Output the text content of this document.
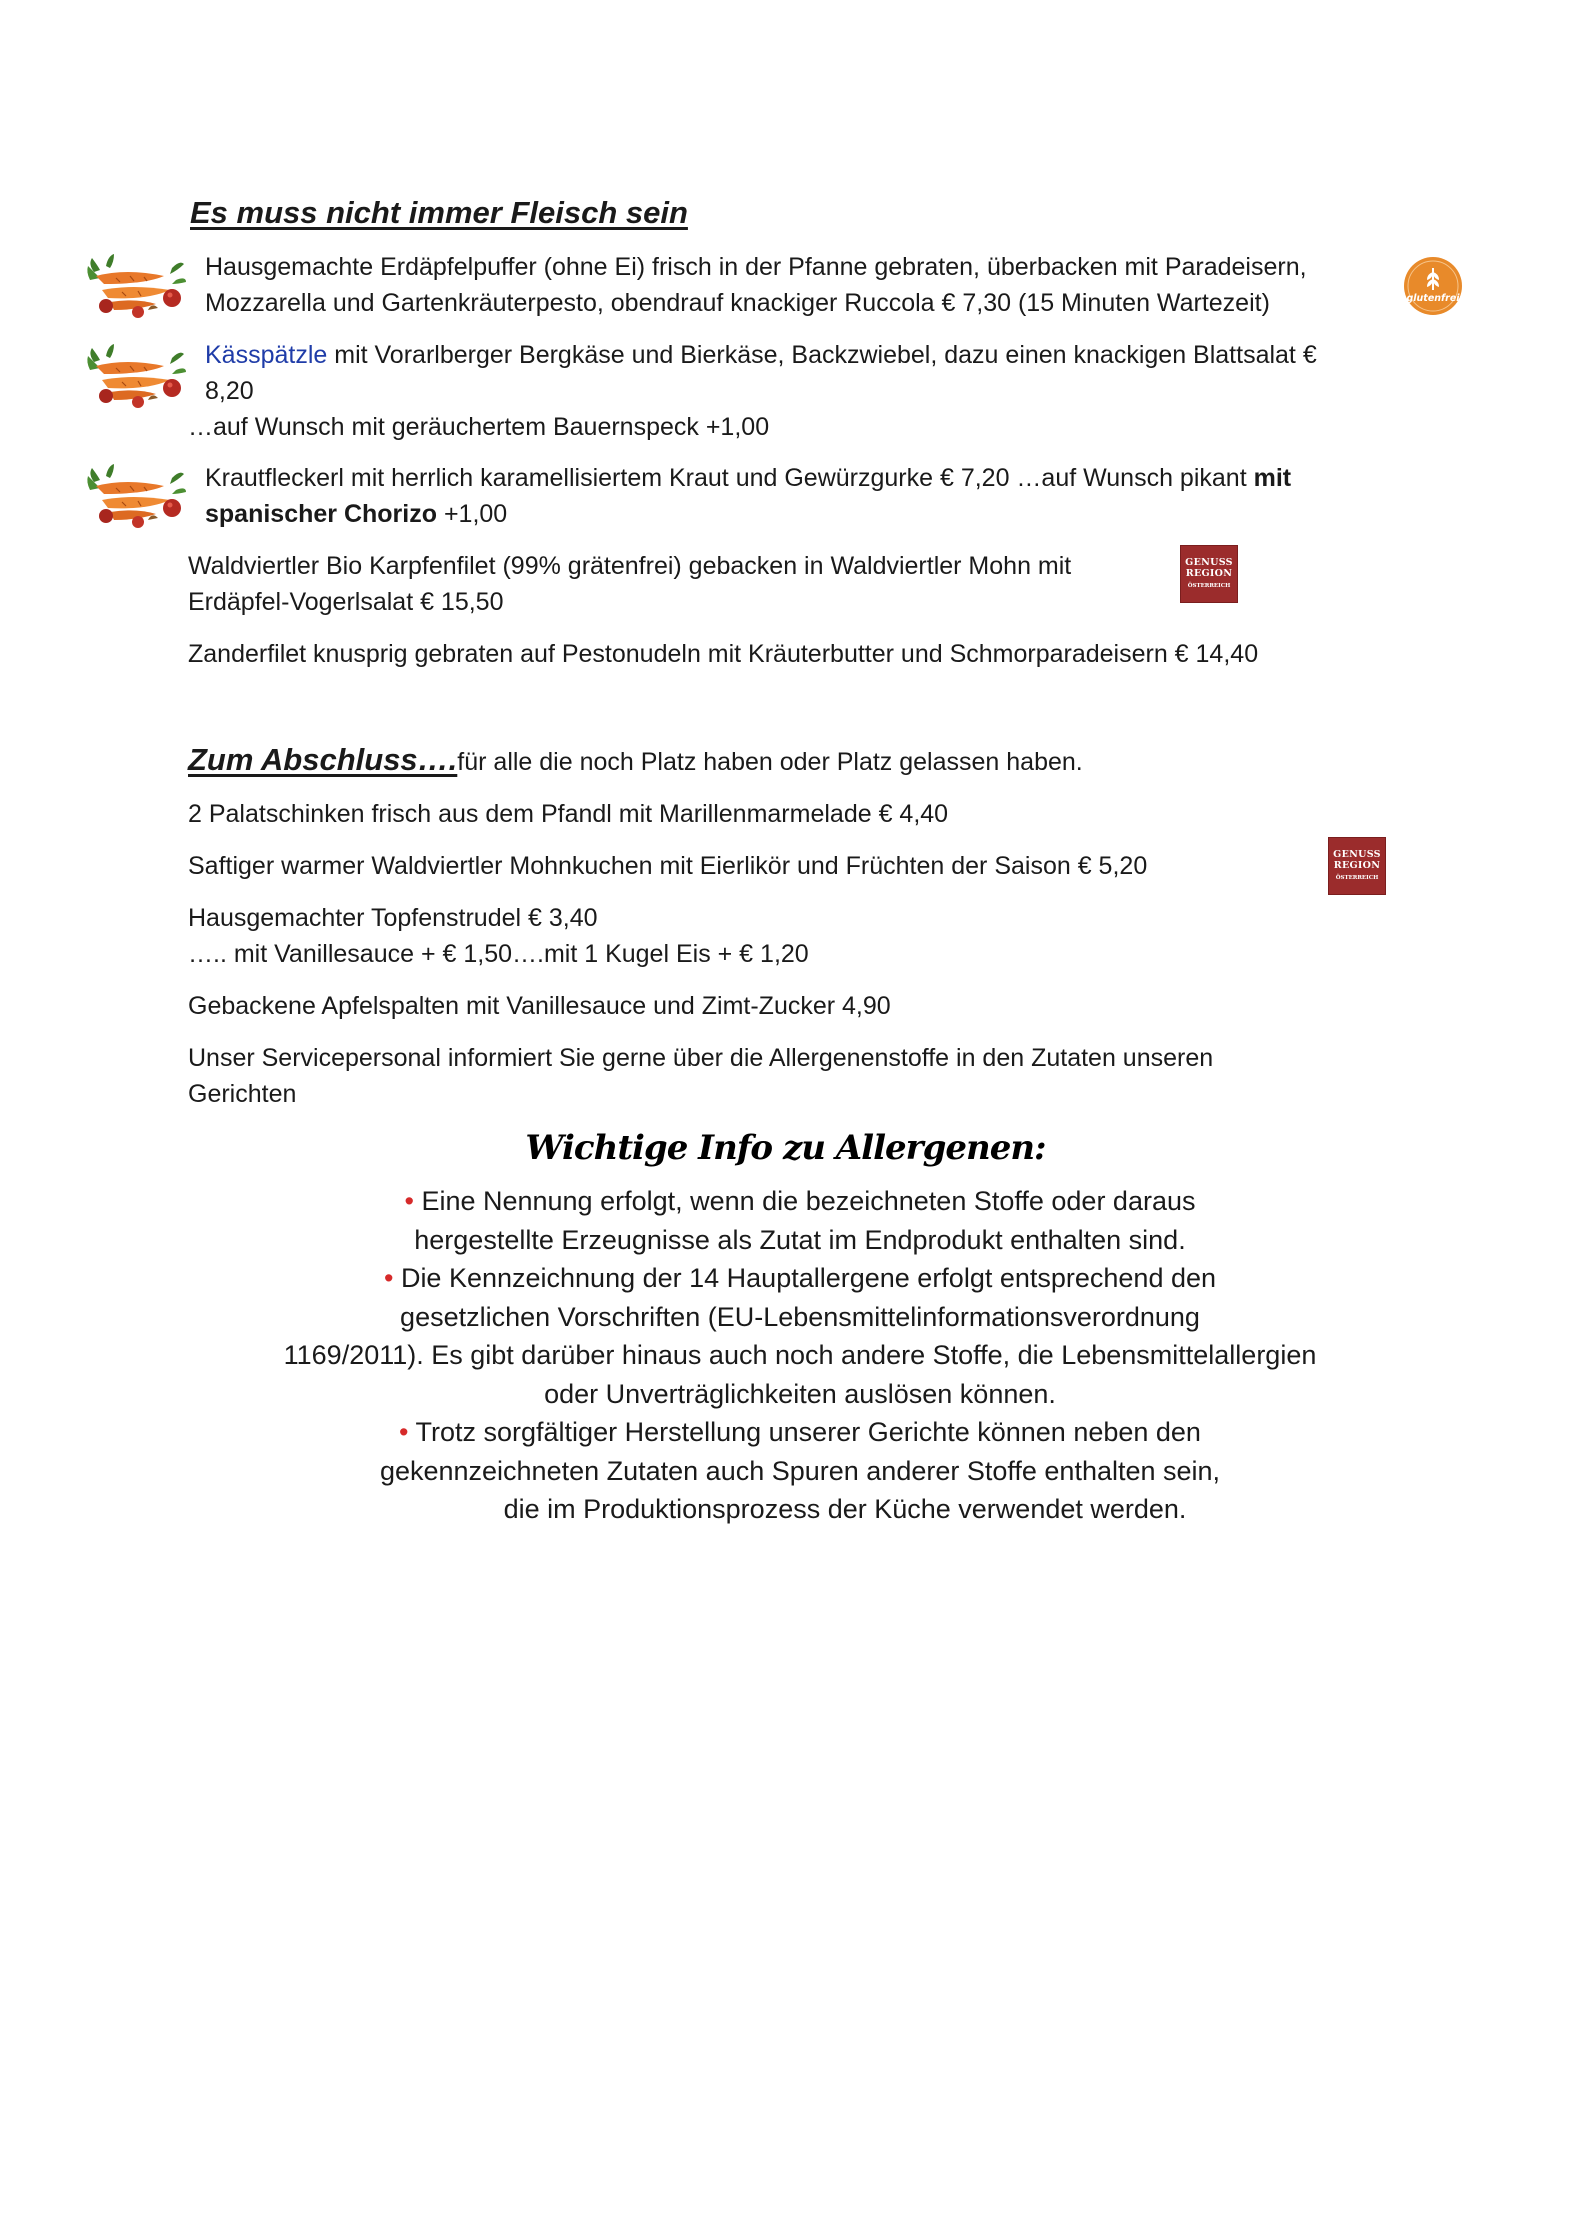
Es muss nicht immer Fleisch sein
Hausgemachte Erdäpfelpuffer (ohne Ei) frisch in der Pfanne gebraten, überbacken mit Paradeisern,
Mozzarella und Gartenkräuterpesto, obendrauf knackiger Ruccola € 7,30 (15 Minuten Wartezeit)	glutenfrei
Kässpätzle mit Vorarlberger Bergkäse und Bierkäse, Backzwiebel, dazu einen knackigen Blattsalat €
8,20
…auf Wunsch mit geräuchertem Bauernspeck +1,00
Krautfleckerl mit herrlich karamellisiertem Kraut und Gewürzgurke € 7,20 …auf Wunsch pikant mit
spanischer Chorizo +1,00
Waldviertler Bio Karpfenfilet (99% grätenfrei) gebacken in Waldviertler Mohn mit
Erdäpfel-Vogerlsalat € 15,50
GENUSS
REGION
ÖSTERREICH
Zanderfilet knusprig gebraten auf Pestonudeln mit Kräuterbutter und Schmorparadeisern € 14,40
Zum Abschluss….für alle die noch Platz haben oder Platz gelassen haben.
2 Palatschinken frisch aus dem Pfandl mit Marillenmarmelade € 4,40
Saftiger warmer Waldviertler Mohnkuchen mit Eierlikör und Früchten der Saison € 5,20	GENUSS
REGION
ÖSTERREICH
Hausgemachter Topfenstrudel € 3,40
….. mit Vanillesauce + € 1,50….mit 1 Kugel Eis + € 1,20
Gebackene Apfelspalten mit Vanillesauce und Zimt-Zucker 4,90
Unser Servicepersonal informiert Sie gerne über die Allergenenstoffe in den Zutaten unseren
Gerichten
Wichtige Info zu Allergenen:
• Eine Nennung erfolgt, wenn die bezeichneten Stoffe oder daraus
hergestellte Erzeugnisse als Zutat im Endprodukt enthalten sind.
• Die Kennzeichnung der 14 Hauptallergene erfolgt entsprechend den
gesetzlichen Vorschriften (EU-Lebensmittelinformationsverordnung
1169/2011). Es gibt darüber hinaus auch noch andere Stoffe, die Lebensmittelallergien
oder Unverträglichkeiten auslösen können.
• Trotz sorgfältiger Herstellung unserer Gerichte können neben den
gekennzeichneten Zutaten auch Spuren anderer Stoffe enthalten sein,
die im Produktionsprozess der Küche verwendet werden.
